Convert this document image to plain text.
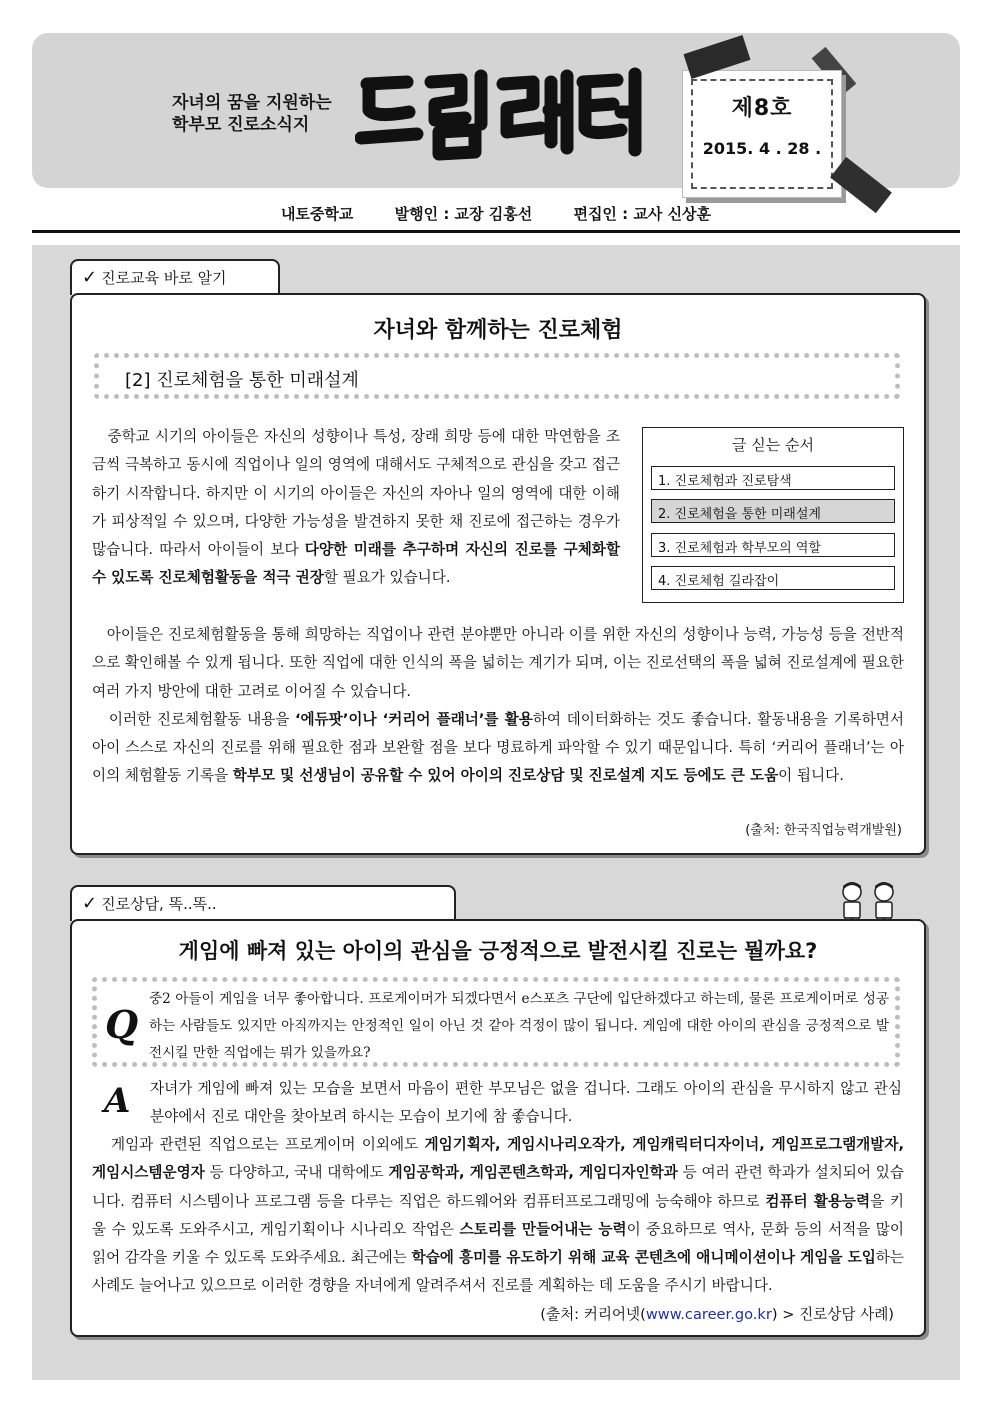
자녀의 꿈을 지원하는
학부모 진로소식지
제8호
2015. 4 . 28 .
내토중학교	발행인 : 교장 김홍선	편집인 : 교사 신상훈
✓ 진로교육 바로 알기
자녀와 함께하는 진로체험
[2] 진로체험을 통한 미래설계
중학교 시기의 아이들은 자신의 성향이나 특성, 장래 희망 등에 대한 막연함을 조금씩 극복하고 동시에 직업이나 일의 영역에 대해서도 구체적으로 관심을 갖고 접근하기 시작합니다. 하지만 이 시기의 아이들은 자신의 자아나 일의 영역에 대한 이해가 피상적일 수 있으며, 다양한 가능성을 발견하지 못한 채 진로에 접근하는 경우가 많습니다. 따라서 아이들이 보다 다양한 미래를 추구하며 자신의 진로를 구체화할 수 있도록 진로체험활동을 적극 권장할 필요가 있습니다.
아이들은 진로체험활동을 통해 희망하는 직업이나 관련 분야뿐만 아니라 이를 위한 자신의 성향이나 능력, 가능성 등을 전반적으로 확인해볼 수 있게 됩니다. 또한 직업에 대한 인식의 폭을 넓히는 계기가 되며, 이는 진로선택의 폭을 넓혀 진로설계에 필요한 여러 가지 방안에 대한 고려로 이어질 수 있습니다.
이러한 진로체험활동 내용을 ‘에듀팟’이나 ‘커리어 플래너’를 활용하여 데이터화하는 것도 좋습니다. 활동내용을 기록하면서 아이 스스로 자신의 진로를 위해 필요한 점과 보완할 점을 보다 명료하게 파악할 수 있기 때문입니다. 특히 ‘커리어 플래너’는 아이의 체험활동 기록을 학부모 및 선생님이 공유할 수 있어 아이의 진로상담 및 진로설계 지도 등에도 큰 도움이 됩니다.
글 싣는 순서
1. 진로체험과 진로탐색
2. 진로체험을 통한 미래설계
3. 진로체험과 학부모의 역할
4. 진로체험 길라잡이
(출처: 한국직업능력개발원)
✓ 진로상담, 똑..똑..
게임에 빠져 있는 아이의 관심을 긍정적으로 발전시킬 진로는 뭘까요?
Q
중2 아들이 게임을 너무 좋아합니다. 프로게이머가 되겠다면서 e스포츠 구단에 입단하겠다고 하는데, 물론 프로게이머로 성공하는 사람들도 있지만 아직까지는 안정적인 일이 아닌 것 같아 걱정이 많이 됩니다. 게임에 대한 아이의 관심을 긍정적으로 발전시킬 만한 직업에는 뭐가 있을까요?
A 자녀가 게임에 빠져 있는 모습을 보면서 마음이 편한 부모님은 없을 겁니다. 그래도 아이의 관심을 무시하지 않고 관심 분야에서 진로 대안을 찾아보려 하시는 모습이 보기에 참 좋습니다.
게임과 관련된 직업으로는 프로게이머 이외에도 게임기획자, 게임시나리오작가, 게임캐릭터디자이너, 게임프로그램개발자, 게임시스템운영자 등 다양하고, 국내 대학에도 게임공학과, 게임콘텐츠학과, 게임디자인학과 등 여러 관련 학과가 설치되어 있습니다. 컴퓨터 시스템이나 프로그램 등을 다루는 직업은 하드웨어와 컴퓨터프로그래밍에 능숙해야 하므로 컴퓨터 활용능력을 키울 수 있도록 도와주시고, 게임기획이나 시나리오 작업은 스토리를 만들어내는 능력이 중요하므로 역사, 문화 등의 서적을 많이 읽어 감각을 키울 수 있도록 도와주세요. 최근에는 학습에 흥미를 유도하기 위해 교육 콘텐츠에 애니메이션이나 게임을 도입하는 사례도 늘어나고 있으므로 이러한 경향을 자녀에게 알려주셔서 진로를 계획하는 데 도움을 주시기 바랍니다.
(출처: 커리어넷(www.career.go.kr) > 진로상담 사례)
